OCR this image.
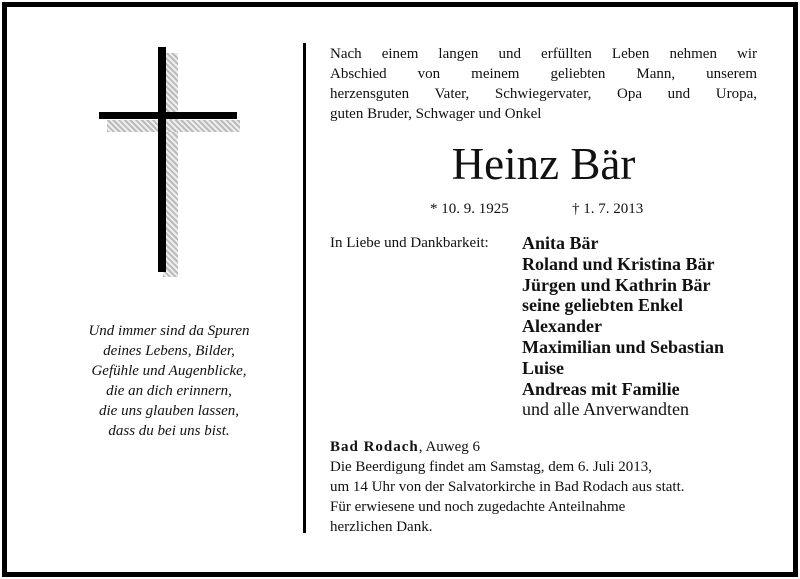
Und immer sind da Spuren
deines Lebens, Bilder,
Gefühle und Augenblicke,
die an dich erinnern,
die uns glauben lassen,
dass du bei uns bist.
Nach einem langen und erfüllten Leben nehmen wir
Abschied von meinem geliebten Mann, unserem
herzensguten Vater, Schwiegervater, Opa und Uropa,
guten Bruder, Schwager und Onkel
Heinz Bär
* 10. 9. 1925	† 1. 7. 2013
In Liebe und Dankbarkeit: Anita Bär
Roland und Kristina Bär
Jürgen und Kathrin Bär
seine geliebten Enkel
Alexander
Maximilian und Sebastian
Luise
Andreas mit Familie
und alle Anverwandten
Bad Rodach, Auweg 6
Die Beerdigung findet am Samstag, dem 6. Juli 2013,
um 14 Uhr von der Salvatorkirche in Bad Rodach aus statt.
Für erwiesene und noch zugedachte Anteilnahme
herzlichen Dank.
